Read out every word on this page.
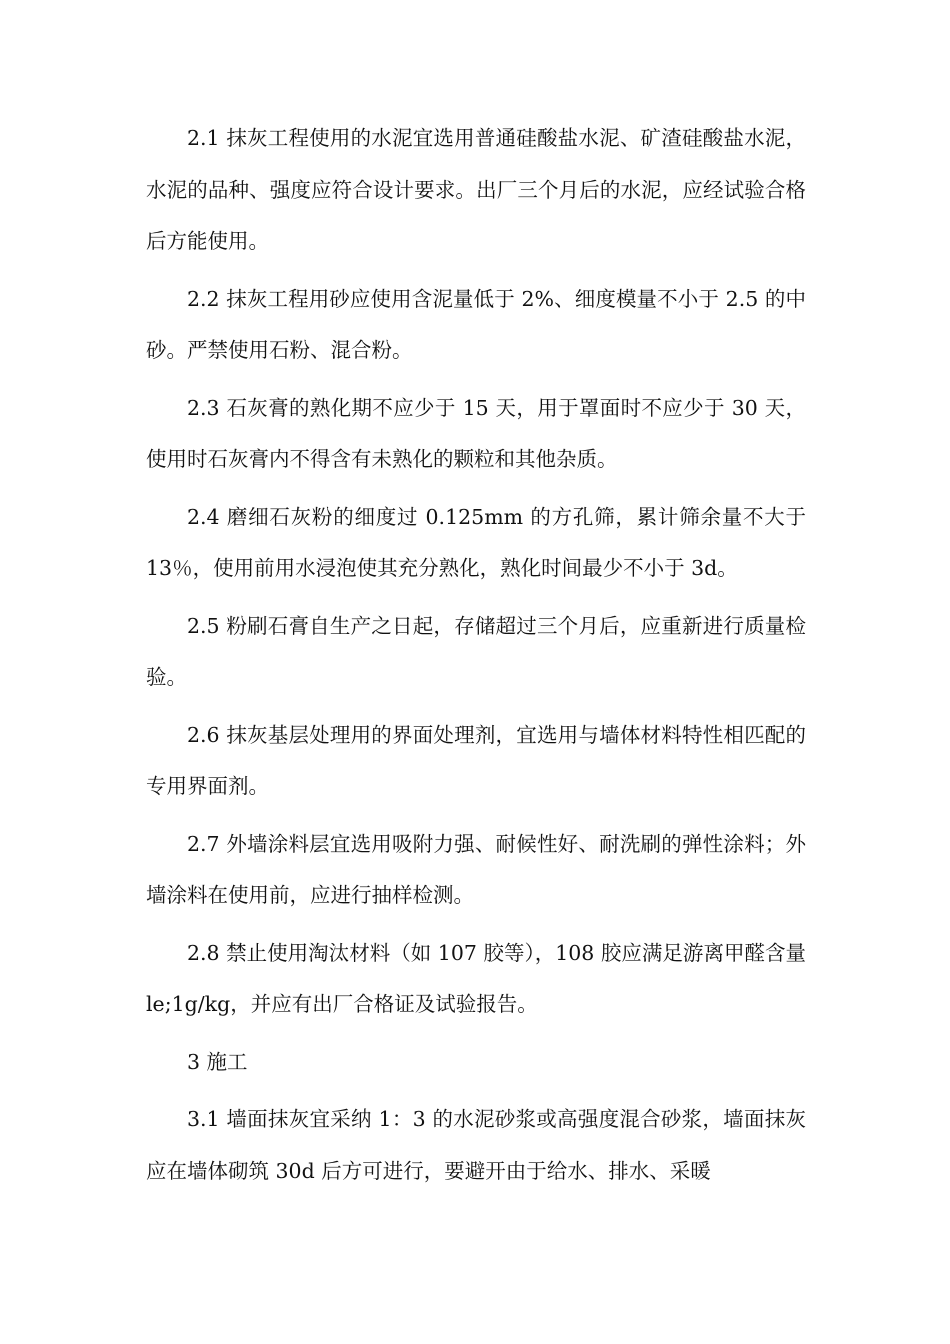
2.1 抹灰工程使用的水泥宜选用普通硅酸盐水泥、矿渣硅酸盐水泥，水泥的品种、强度应符合设计要求。出厂三个月后的水泥，应经试验合格后方能使用。

2.2 抹灰工程用砂应使用含泥量低于 2%、细度模量不小于 2.5 的中砂。严禁使用石粉、混合粉。

2.3 石灰膏的熟化期不应少于 15 天，用于罩面时不应少于 30 天，使用时石灰膏内不得含有未熟化的颗粒和其他杂质。

2.4 磨细石灰粉的细度过 0.125mm 的方孔筛，累计筛余量不大于 13％，使用前用水浸泡使其充分熟化，熟化时间最少不小于 3d。

2.5 粉刷石膏自生产之日起，存储超过三个月后，应重新进行质量检验。

2.6 抹灰基层处理用的界面处理剂，宜选用与墙体材料特性相匹配的专用界面剂。

2.7 外墙涂料层宜选用吸附力强、耐候性好、耐洗刷的弹性涂料；外墙涂料在使用前，应进行抽样检测。

2.8 禁止使用淘汰材料（如 107 胶等），108 胶应满足游离甲醛含量 le;1g/kg，并应有出厂合格证及试验报告。

3 施工

3.1 墙面抹灰宜采纳 1：3 的水泥砂浆或高强度混合砂浆，墙面抹灰应在墙体砌筑 30d 后方可进行，要避开由于给水、排水、采暖
